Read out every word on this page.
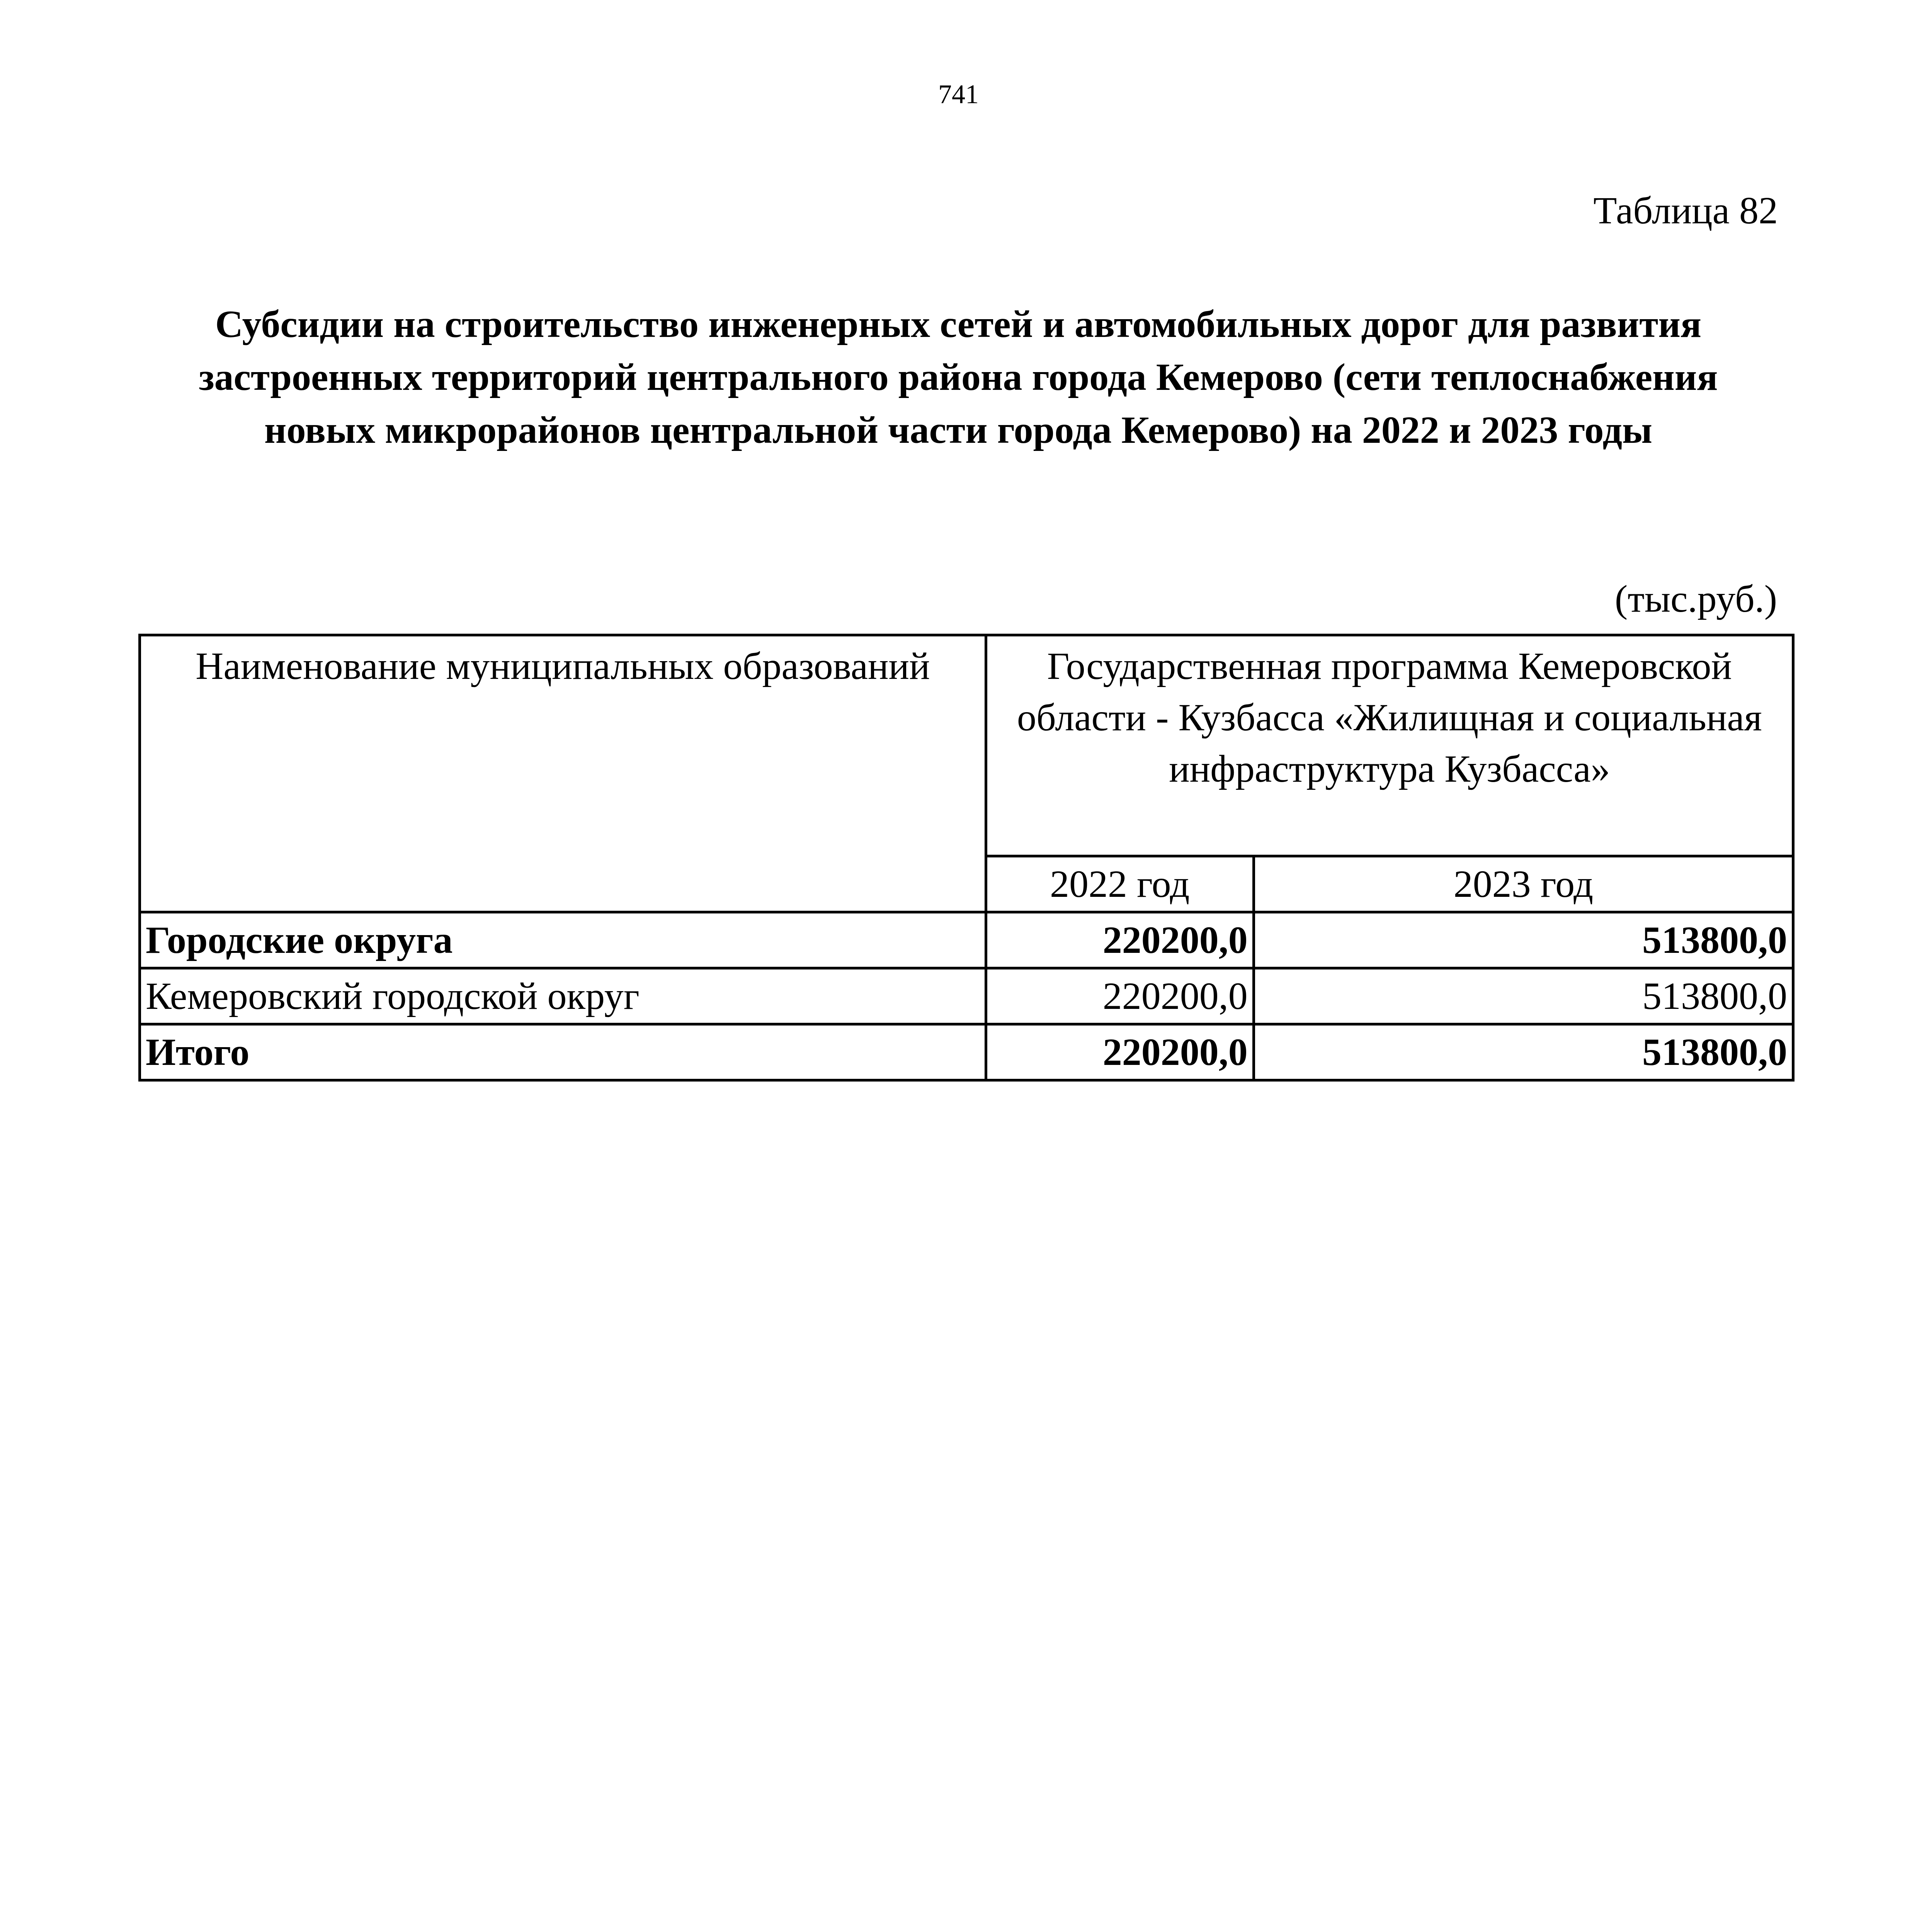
741
Таблица 82
Субсидии на строительство инженерных сетей и автомобильных дорог для развития застроенных территорий центрального района города Кемерово (сети теплоснабжения новых микрорайонов центральной части города Кемерово) на 2022 и 2023 годы
(тыс.руб.)
Наименование муниципальных образований	Государственная программа Кемеровской области - Кузбасса «Жилищная и социальная инфраструктура Кузбасса»	
	2022 год	2023 год
Городские округа	220200,0	513800,0
Кемеровский городской округ	220200,0	513800,0
Итого	220200,0	513800,0
